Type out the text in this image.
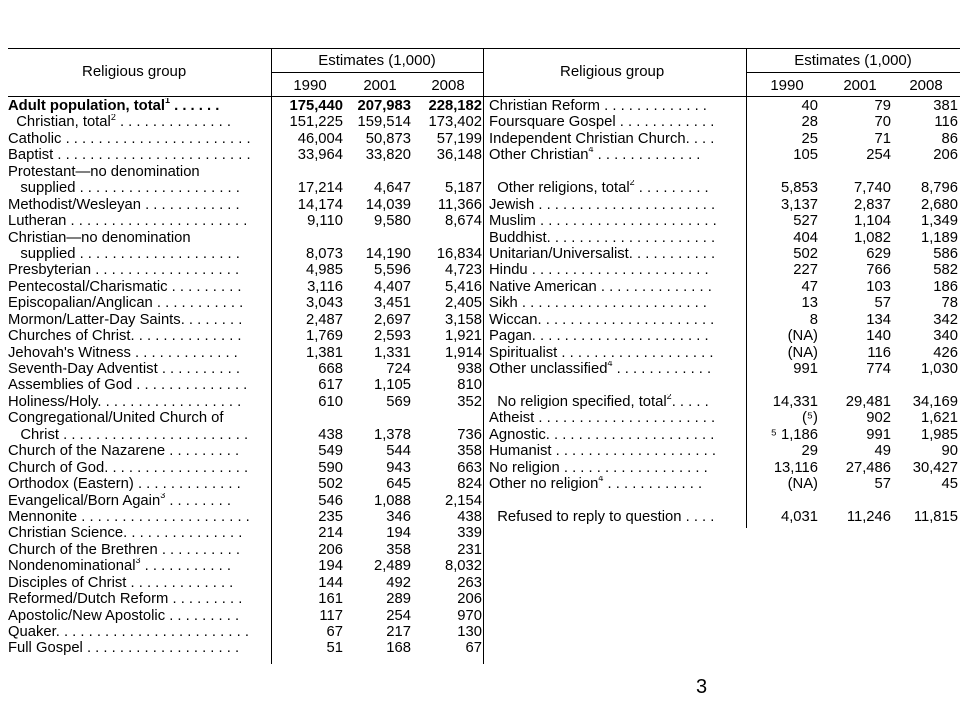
Religious group
Estimates (1,000)
1990	2001	2008
Religious group
Estimates (1,000)
1990	2001	2008
Adult population, total$^1$ . . . . . .	175,440 207,983 228,182
Christian, total$^2$ . . . . . . . . . . . . . .	151,225 159,514 173,402
Catholic . . . . . . . . . . . . . . . . . . . . . . .	46,004 50,873 57,199
Baptist . . . . . . . . . . . . . . . . . . . . . . . .	33,964 33,820 36,148
Protestant—no denomination
supplied . . . . . . . . . . . . . . . . . . . .	17,214 4,647 5,187
Methodist/Wesleyan . . . . . . . . . . . .	14,174 14,039 11,366
Lutheran . . . . . . . . . . . . . . . . . . . . . .	9,110 9,580 8,674
Christian—no denomination
supplied . . . . . . . . . . . . . . . . . . . .	8,073 14,190 16,834
Presbyterian . . . . . . . . . . . . . . . . . .	4,985 5,596 4,723
Pentecostal/Charismatic . . . . . . . . .	3,116 4,407 5,416
Episcopalian/Anglican . . . . . . . . . . .	3,043 3,451 2,405
Mormon/Latter-Day Saints. . . . . . . .	2,487 2,697 3,158
Churches of Christ. . . . . . . . . . . . . .	1,769 2,593 1,921
Jehovah's Witness . . . . . . . . . . . . .	1,381 1,331 1,914
Seventh-Day Adventist . . . . . . . . . .	668	724	938
Assemblies of God . . . . . . . . . . . . . .	617 1,105	810
Holiness/Holy. . . . . . . . . . . . . . . . . .	610	569	352
Congregational/United Church of
Christ . . . . . . . . . . . . . . . . . . . . . . .	438 1,378	736
Church of the Nazarene . . . . . . . . .	549	544	358
Church of God. . . . . . . . . . . . . . . . . .	590	943	663
Orthodox (Eastern) . . . . . . . . . . . . .	502	645	824
Evangelical/Born Again$^3$ . . . . . . . .	546 1,088 2,154
Mennonite . . . . . . . . . . . . . . . . . . . . .	235	346	438
Christian Science. . . . . . . . . . . . . . .	214	194	339
Church of the Brethren . . . . . . . . . .	206	358	231
Nondenominational$^3$ . . . . . . . . . . .	194 2,489 8,032
Disciples of Christ . . . . . . . . . . . . .	144	492	263
Reformed/Dutch Reform . . . . . . . . .	161	289	206
Apostolic/New Apostolic . . . . . . . . .	117	254	970
Quaker. . . . . . . . . . . . . . . . . . . . . . . .	67	217	130
Full Gospel . . . . . . . . . . . . . . . . . . .	51	168	67
Christian Reform . . . . . . . . . . . . .	40	79	381
Foursquare Gospel . . . . . . . . . . . .	28	70	116
Independent Christian Church. . . .	25	71	86
Other Christian$^4$ . . . . . . . . . . . . .	105	254	206
Other religions, total$^2$ . . . . . . . . .	5,853 7,740 8,796
Jewish . . . . . . . . . . . . . . . . . . . . . .	3,137 2,837 2,680
Muslim . . . . . . . . . . . . . . . . . . . . . .	527 1,104 1,349
Buddhist. . . . . . . . . . . . . . . . . . . . .	404 1,082 1,189
Unitarian/Universalist. . . . . . . . . . .	502	629	586
Hindu . . . . . . . . . . . . . . . . . . . . . .	227	766	582
Native American . . . . . . . . . . . . . .	47	103	186
Sikh . . . . . . . . . . . . . . . . . . . . . . .	13	57	78
Wiccan. . . . . . . . . . . . . . . . . . . . . .	8	134	342
Pagan. . . . . . . . . . . . . . . . . . . . . .	(NA)	140	340
Spiritualist . . . . . . . . . . . . . . . . . . .	(NA)	116	426
Other unclassified$^4$ . . . . . . . . . . . .	991	774 1,030
No religion specified, total$^2$. . . . .	14,331 29,481 34,169
Atheist . . . . . . . . . . . . . . . . . . . . . .	(⁵)	902 1,621
Agnostic. . . . . . . . . . . . . . . . . . . . .	⁵ 1,186	991 1,985
Humanist . . . . . . . . . . . . . . . . . . . .	29	49	90
No religion . . . . . . . . . . . . . . . . . .	13,116 27,486 30,427
Other no religion$^4$ . . . . . . . . . . . .	(NA)	57	45
Refused to reply to question . . . .	4,031 11,246 11,815
3
